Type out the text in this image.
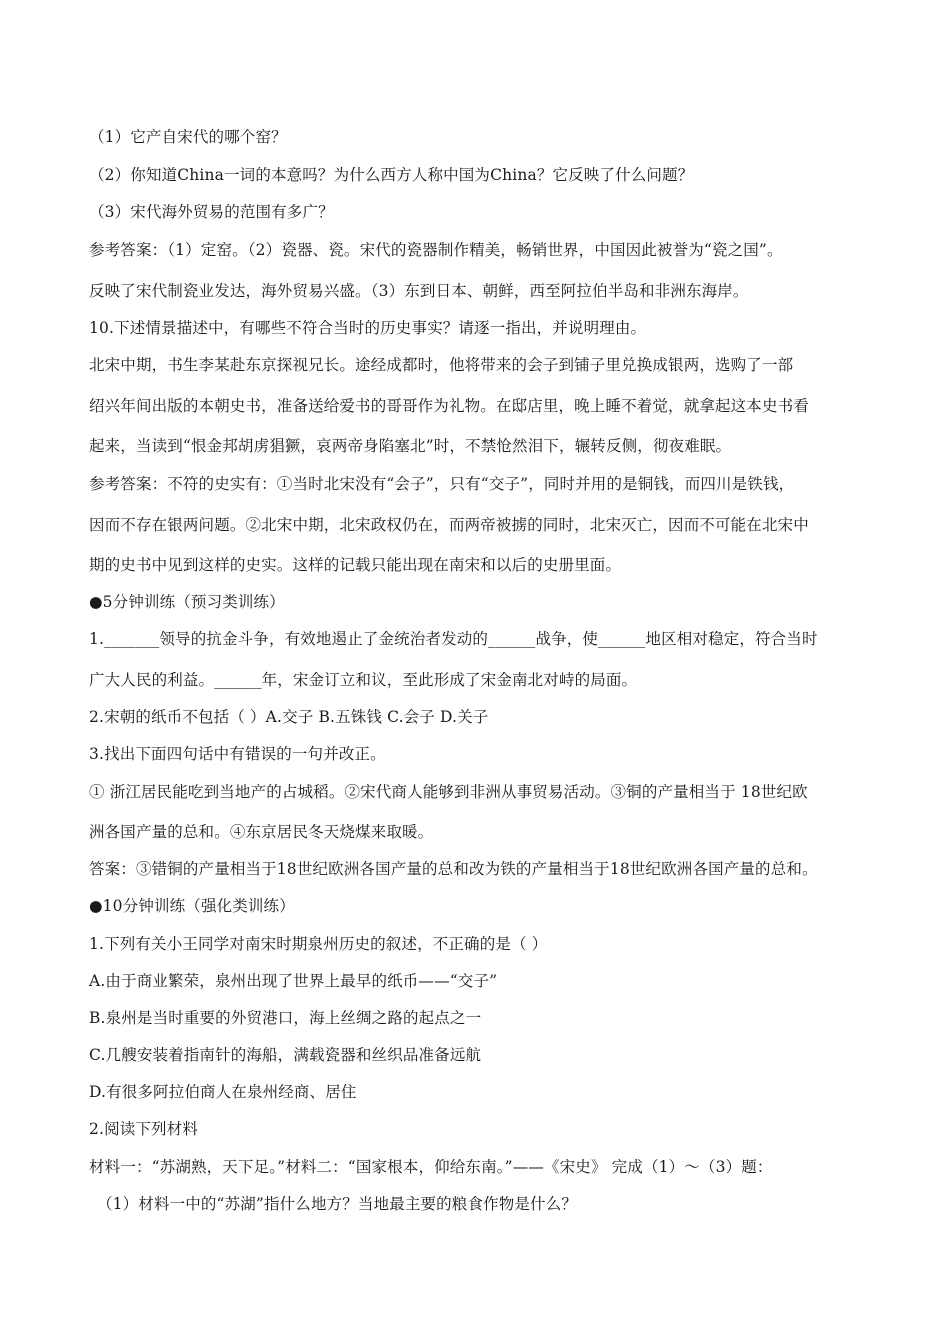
（1）它产自宋代的哪个窑？
（2）你知道China一词的本意吗？为什么西方人称中国为China？它反映了什么问题？
（3）宋代海外贸易的范围有多广？
参考答案：（1）定窑。（2）瓷器、瓷。宋代的瓷器制作精美，畅销世界，中国因此被誉为“瓷之国”。
反映了宋代制瓷业发达，海外贸易兴盛。（3）东到日本、朝鲜，西至阿拉伯半岛和非洲东海岸。
10.下述情景描述中，有哪些不符合当时的历史事实？请逐一指出，并说明理由。
北宋中期，书生李某赴东京探视兄长。途经成都时，他将带来的会子到铺子里兑换成银两，选购了一部
绍兴年间出版的本朝史书，准备送给爱书的哥哥作为礼物。在邸店里，晚上睡不着觉，就拿起这本史书看
起来，当读到“恨金邦胡虏猖獗，哀两帝身陷塞北”时，不禁怆然泪下，辗转反侧，彻夜难眠。
参考答案：不符的史实有：①当时北宋没有“会子”，只有“交子”，同时并用的是铜钱，而四川是铁钱，
因而不存在银两问题。②北宋中期，北宋政权仍在，而两帝被掳的同时，北宋灭亡，因而不可能在北宋中
期的史书中见到这样的史实。这样的记载只能出现在南宋和以后的史册里面。
●5分钟训练（预习类训练）
1._______领导的抗金斗争，有效地遏止了金统治者发动的______战争，使______地区相对稳定，符合当时
广大人民的利益。______年，宋金订立和议，至此形成了宋金南北对峙的局面。
2.宋朝的纸币不包括（ ）A.交子 B.五铢钱 C.会子 D.关子
3.找出下面四句话中有错误的一句并改正。
① 浙江居民能吃到当地产的占城稻。②宋代商人能够到非洲从事贸易活动。③铜的产量相当于 18世纪欧
洲各国产量的总和。④东京居民冬天烧煤来取暖。
答案：③错铜的产量相当于18世纪欧洲各国产量的总和改为铁的产量相当于18世纪欧洲各国产量的总和。
●10分钟训练（强化类训练）
1.下列有关小王同学对南宋时期泉州历史的叙述，不正确的是（ ）
A.由于商业繁荣，泉州出现了世界上最早的纸币——“交子”
B.泉州是当时重要的外贸港口，海上丝绸之路的起点之一
C.几艘安装着指南针的海船，满载瓷器和丝织品准备远航
D.有很多阿拉伯商人在泉州经商、居住
2.阅读下列材料
材料一：“苏湖熟，天下足。”材料二：“国家根本，仰给东南。”——《宋史》 完成（1）～（3）题：
（1）材料一中的“苏湖”指什么地方？当地最主要的粮食作物是什么？
